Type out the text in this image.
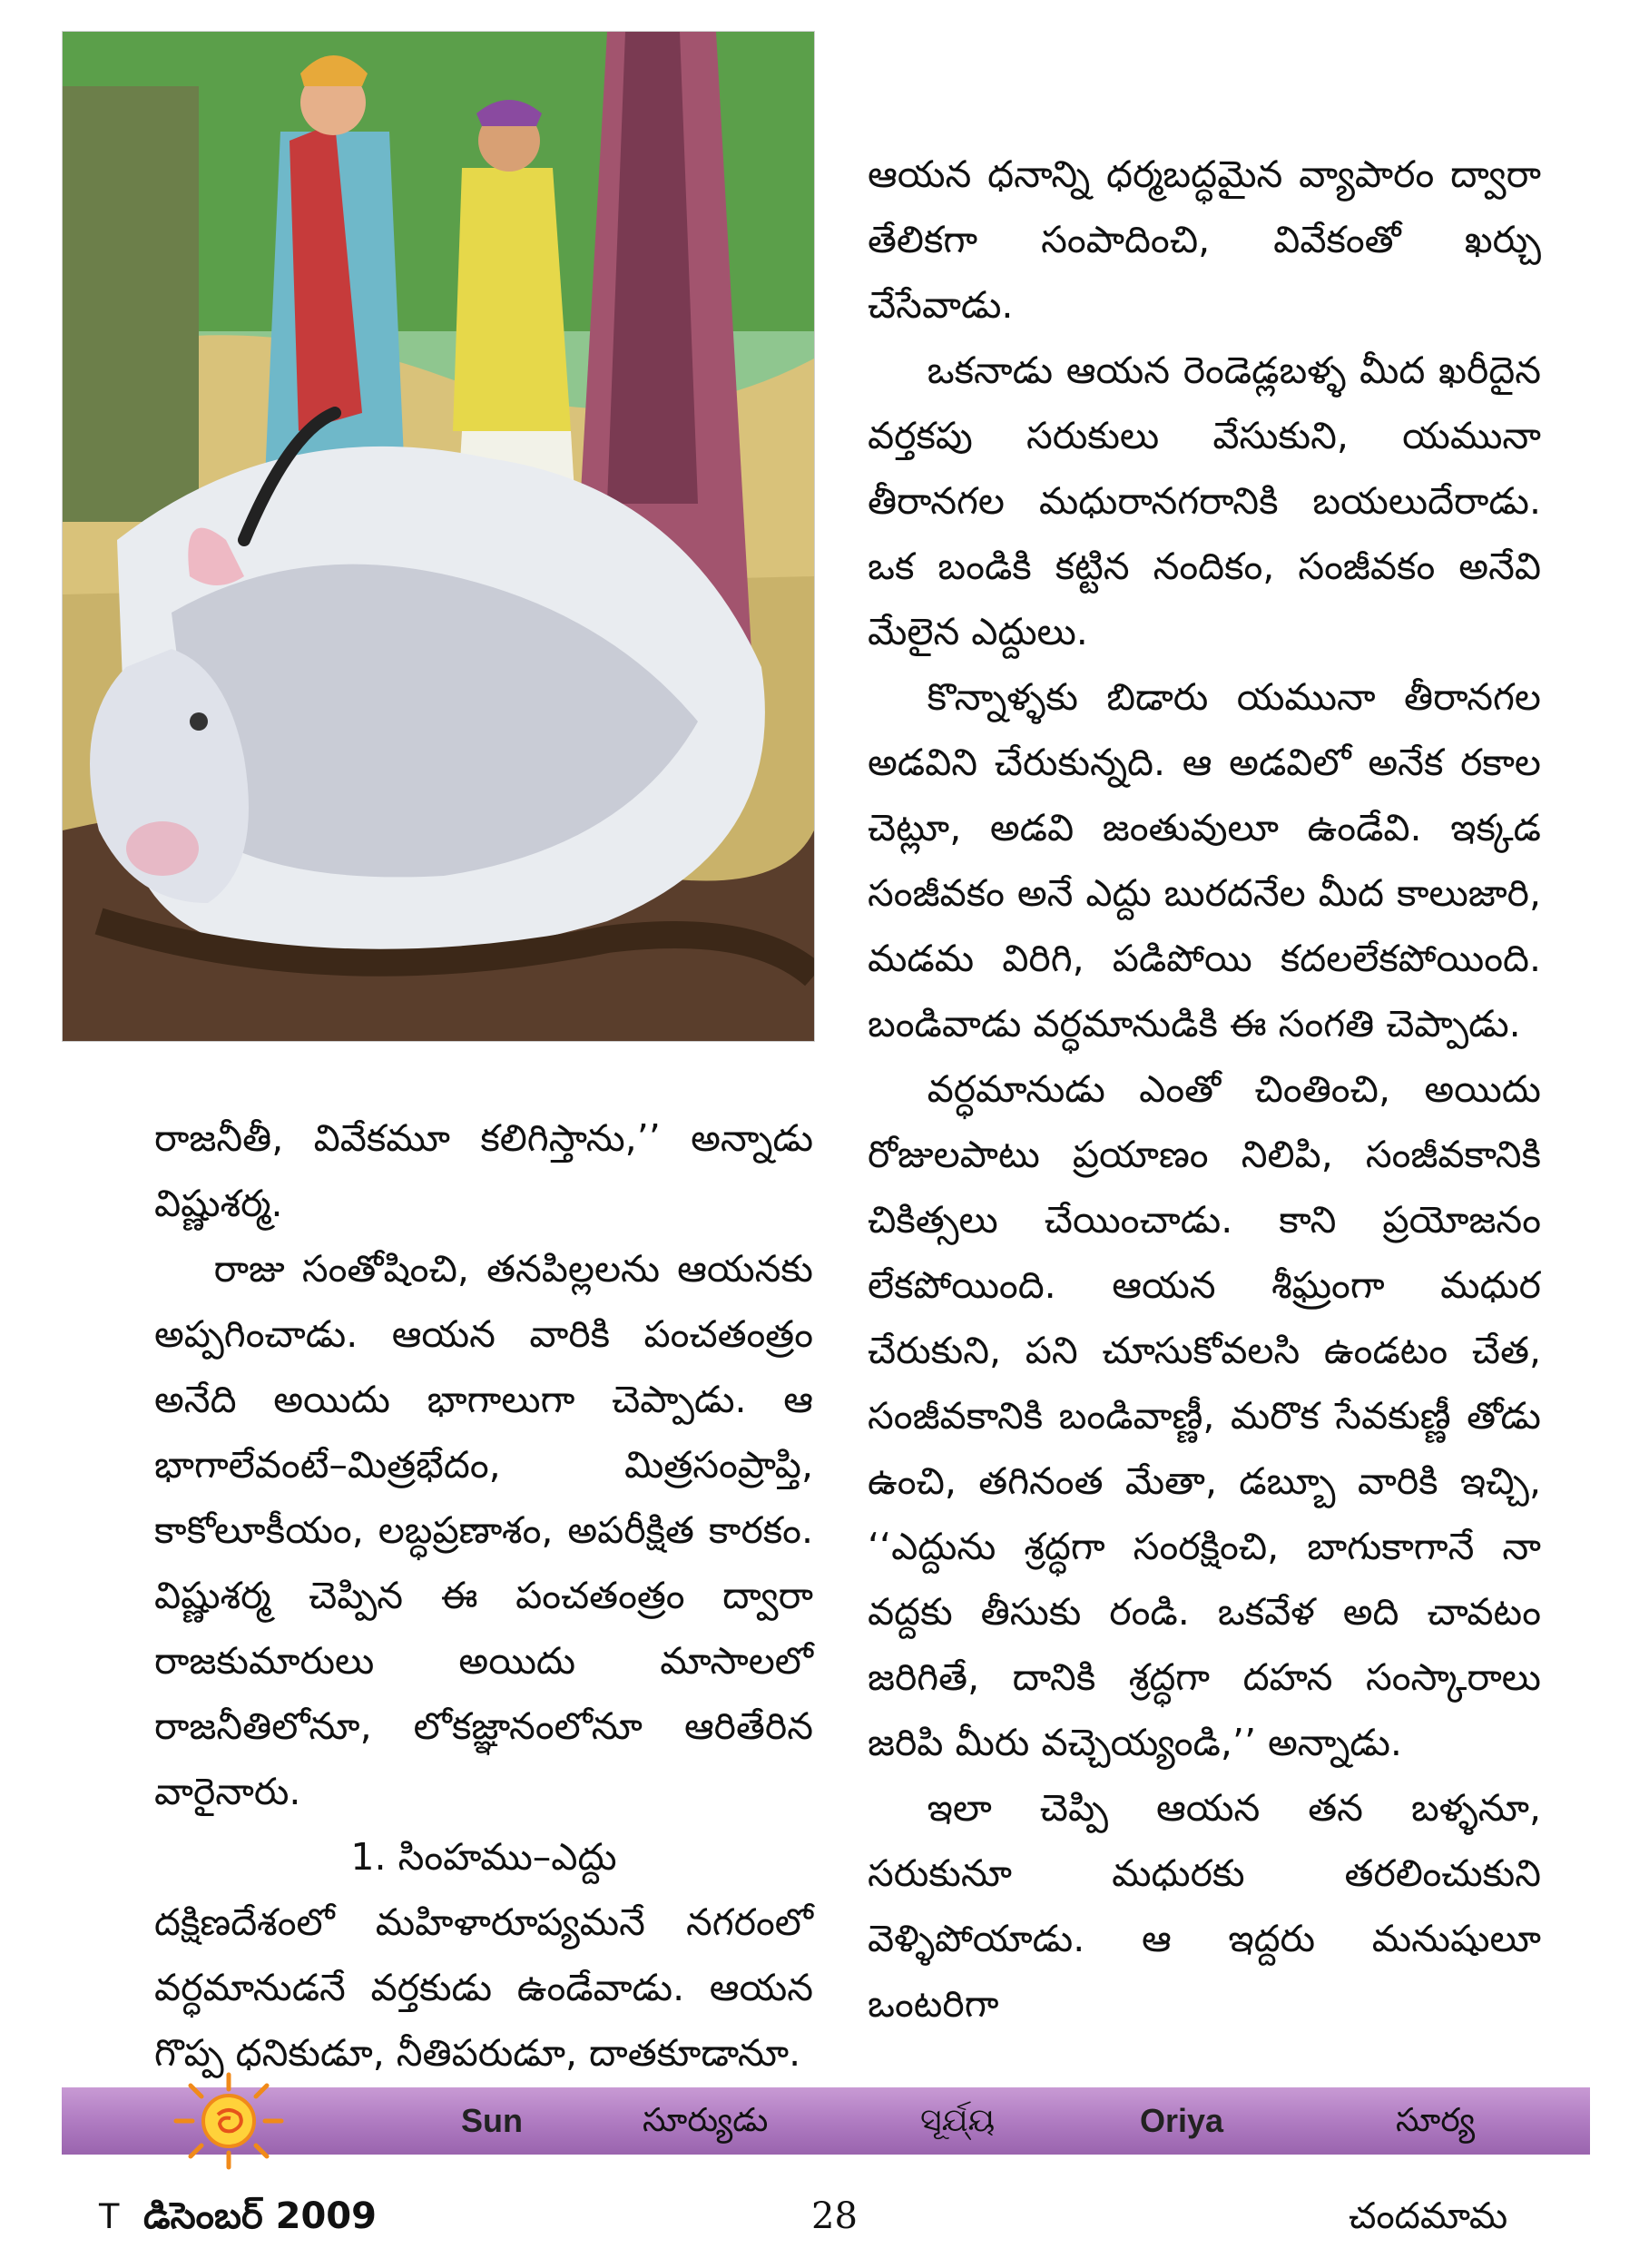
ఆయన ధనాన్ని ధర్మబద్ధమైన వ్యాపారం ద్వారా తేలికగా సంపాదించి, వివేకంతో ఖర్చు చేసేవాడు.

ఒకనాడు ఆయన రెండెడ్లబళ్ళ మీద ఖరీదైన వర్తకపు సరుకులు వేసుకుని, యమునా తీరానగల మధురానగరానికి బయలుదేరాడు. ఒక బండికి కట్టిన నందికం, సంజీవకం అనేవి మేలైన ఎద్దులు.

కొన్నాళ్ళకు బిడారు యమునా తీరానగల అడవిని చేరుకున్నది. ఆ అడవిలో అనేక రకాల చెట్లూ, అడవి జంతువులూ ఉండేవి. ఇక్కడ సంజీవకం అనే ఎద్దు బురదనేల మీద కాలుజారి, మడమ విరిగి, పడిపోయి కదలలేకపోయింది. బండివాడు వర్ధమానుడికి ఈ సంగతి చెప్పాడు.

వర్ధమానుడు ఎంతో చింతించి, అయిదు రోజులపాటు ప్రయాణం నిలిపి, సంజీవకానికి చికిత్సలు చేయించాడు. కాని ప్రయోజనం లేకపోయింది. ఆయన శీఘ్రంగా మధుర చేరుకుని, పని చూసుకోవలసి ఉండటం చేత, సంజీవకానికి బండివాణ్ణీ, మరొక సేవకుణ్ణీ తోడు ఉంచి, తగినంత మేతా, డబ్బూ వారికి ఇచ్చి, ‘‘ఎద్దును శ్రద్ధగా సంరక్షించి, బాగుకాగానే నా వద్దకు తీసుకు రండి. ఒకవేళ అది చావటం జరిగితే, దానికి శ్రద్ధగా దహన సంస్కారాలు జరిపి మీరు వచ్చెయ్యండి,’’ అన్నాడు.

ఇలా చెప్పి ఆయన తన బళ్ళనూ, సరుకునూ మధురకు తరలించుకుని వెళ్ళిపోయాడు. ఆ ఇద్దరు మనుషులూ ఒంటరిగా

రాజనీతీ, వివేకమూ కలిగిస్తాను,’’ అన్నాడు విష్ణుశర్మ.

రాజు సంతోషించి, తనపిల్లలను ఆయనకు అప్పగించాడు. ఆయన వారికి పంచతంత్రం అనేది అయిదు భాగాలుగా చెప్పాడు. ఆ భాగాలేవంటే–మిత్రభేదం, మిత్రసంప్రాప్తి, కాకోలూకీయం, లబ్ధప్రణాశం, అపరీక్షిత కారకం. విష్ణుశర్మ చెప్పిన ఈ పంచతంత్రం ద్వారా రాజకుమారులు అయిదు మాసాలలో రాజనీతిలోనూ, లోకజ్ఞానంలోనూ ఆరితేరిన వారైనారు.

1. సింహము–ఎద్దు

దక్షిణదేశంలో మహిళారూప్యమనే నగరంలో వర్ధమానుడనే వర్తకుడు ఉండేవాడు. ఆయన గొప్ప ధనికుడూ, నీతిపరుడూ, దాతకూడానూ.

Sun	సూర్యుడు	ସୂର୍ଯ୍ୟ	Oriya	సూర్య
T డిసెంబర్ 2009	28	చందమామ
